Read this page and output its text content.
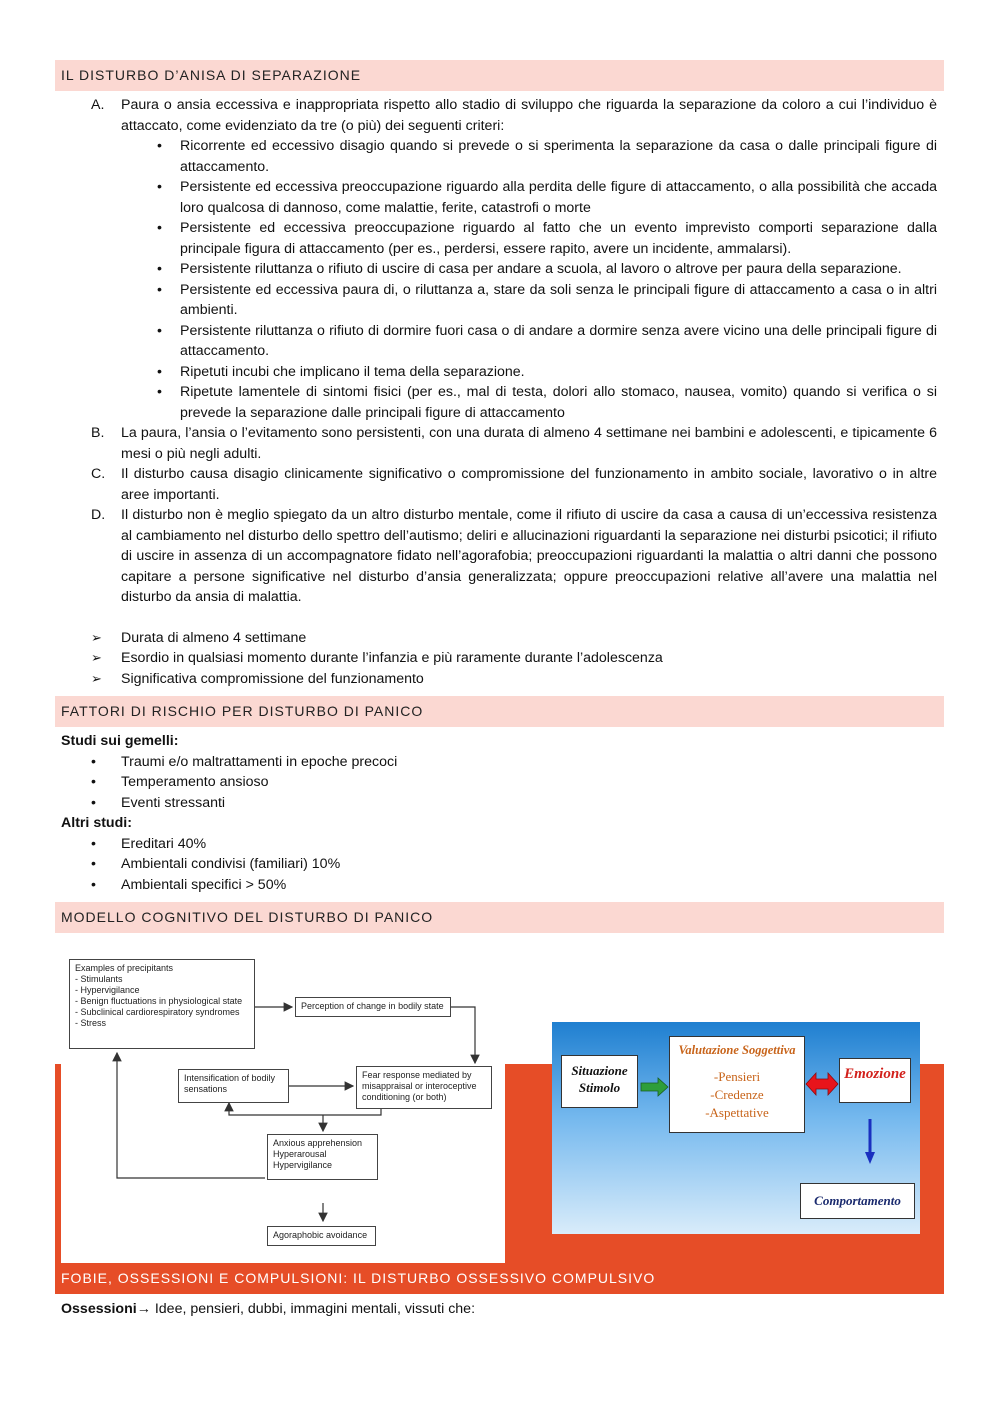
IL DISTURBO D’ANISA DI SEPARAZIONE
A. Paura o ansia eccessiva e inappropriata rispetto allo stadio di sviluppo che riguarda la separazione da coloro a cui l’individuo è attaccato, come evidenziato da tre (o più) dei seguenti criteri:
• Ricorrente ed eccessivo disagio quando si prevede o si sperimenta la separazione da casa o dalle principali figure di attaccamento.
• Persistente ed eccessiva preoccupazione riguardo alla perdita delle figure di attaccamento, o alla possibilità che accada loro qualcosa di dannoso, come malattie, ferite, catastrofi o morte
• Persistente ed eccessiva preoccupazione riguardo al fatto che un evento imprevisto comporti separazione dalla principale figura di attaccamento (per es., perdersi, essere rapito, avere un incidente, ammalarsi).
• Persistente riluttanza o rifiuto di uscire di casa per andare a scuola, al lavoro o altrove per paura della separazione.
• Persistente ed eccessiva paura di, o riluttanza a, stare da soli senza le principali figure di attaccamento a casa o in altri ambienti.
• Persistente riluttanza o rifiuto di dormire fuori casa o di andare a dormire senza avere vicino una delle principali figure di attaccamento.
• Ripetuti incubi che implicano il tema della separazione.
• Ripetute lamentele di sintomi fisici (per es., mal di testa, dolori allo stomaco, nausea, vomito) quando si verifica o si prevede la separazione dalle principali figure di attaccamento
B. La paura, l’ansia o l’evitamento sono persistenti, con una durata di almeno 4 settimane nei bambini e adolescenti, e tipicamente 6 mesi o più negli adulti.
C. Il disturbo causa disagio clinicamente significativo o compromissione del funzionamento in ambito sociale, lavorativo o in altre aree importanti.
D. Il disturbo non è meglio spiegato da un altro disturbo mentale, come il rifiuto di uscire da casa a causa di un’eccessiva resistenza al cambiamento nel disturbo dello spettro dell’autismo; deliri e allucinazioni riguardanti la separazione nei disturbi psicotici; il rifiuto di uscire in assenza di un accompagnatore fidato nell’agorafobia; preoccupazioni riguardanti la malattia o altri danni che possono capitare a persone significative nel disturbo d’ansia generalizzata; oppure preoccupazioni relative all’avere una malattia nel disturbo da ansia di malattia.
➢ Durata di almeno 4 settimane
➢ Esordio in qualsiasi momento durante l’infanzia e più raramente durante l’adolescenza
➢ Significativa compromissione del funzionamento
FATTORI DI RISCHIO PER DISTURBO DI PANICO
Studi sui gemelli:
• Traumi e/o maltrattamenti in epoche precoci
• Temperamento ansioso
• Eventi stressanti
Altri studi:
• Ereditari 40%
• Ambientali condivisi (familiari) 10%
• Ambientali specifici > 50%
MODELLO COGNITIVO DEL DISTURBO DI PANICO
Examples of precipitants
- Stimulants
- Hypervigilance
- Benign fluctuations in physiological state
- Subclinical cardiorespiratory syndromes
- Stress
Perception of change in bodily state
Intensification of bodily sensations
Fear response mediated by misappraisal or interoceptive conditioning (or both)
Anxious apprehension
Hyperarousal
Hypervigilance
Agoraphobic avoidance
Situazione
Stimolo
Valutazione Soggettiva
-Pensieri
-Credenze
-Aspettative
Emozione
Comportamento
FOBIE, OSSESSIONI E COMPULSIONI: IL DISTURBO OSSESSIVO COMPULSIVO
Ossessioni→ Idee, pensieri, dubbi, immagini mentali, vissuti che:
